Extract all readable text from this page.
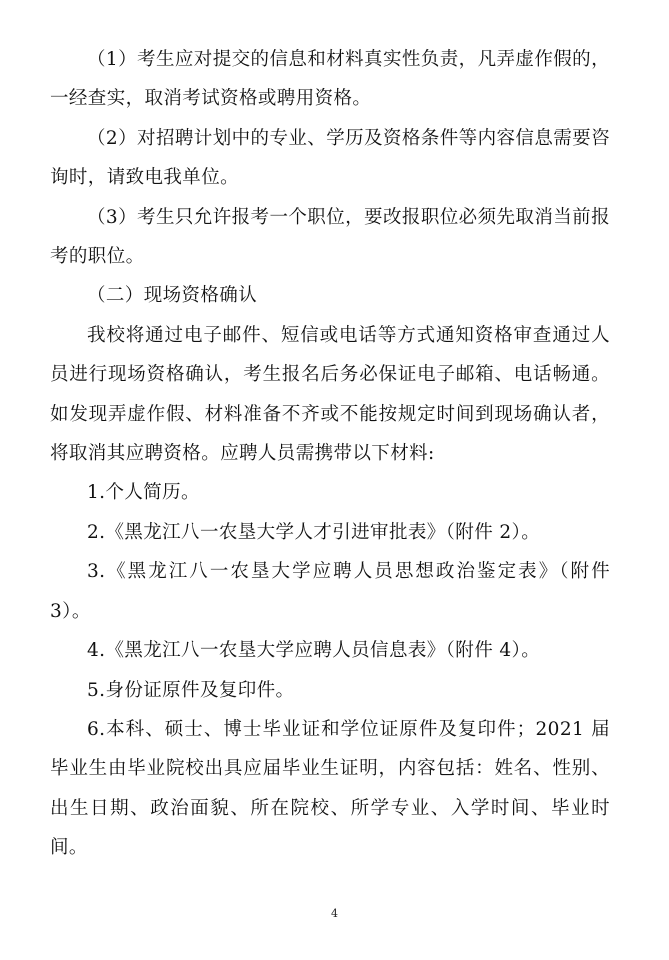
（1）考生应对提交的信息和材料真实性负责，凡弄虚作假的，一经查实，取消考试资格或聘用资格。

（2）对招聘计划中的专业、学历及资格条件等内容信息需要咨询时，请致电我单位。

（3）考生只允许报考一个职位，要改报职位必须先取消当前报考的职位。

（二）现场资格确认

我校将通过电子邮件、短信或电话等方式通知资格审查通过人员进行现场资格确认，考生报名后务必保证电子邮箱、电话畅通。如发现弄虚作假、材料准备不齐或不能按规定时间到现场确认者，将取消其应聘资格。应聘人员需携带以下材料:

1.个人简历。

2.《黑龙江八一农垦大学人才引进审批表》（附件 2）。

3.《黑龙江八一农垦大学应聘人员思想政治鉴定表》（附件 3）。

4.《黑龙江八一农垦大学应聘人员信息表》（附件 4）。

5.身份证原件及复印件。

6.本科、硕士、博士毕业证和学位证原件及复印件；2021 届毕业生由毕业院校出具应届毕业生证明，内容包括：姓名、性别、出生日期、政治面貌、所在院校、所学专业、入学时间、毕业时间。

4
